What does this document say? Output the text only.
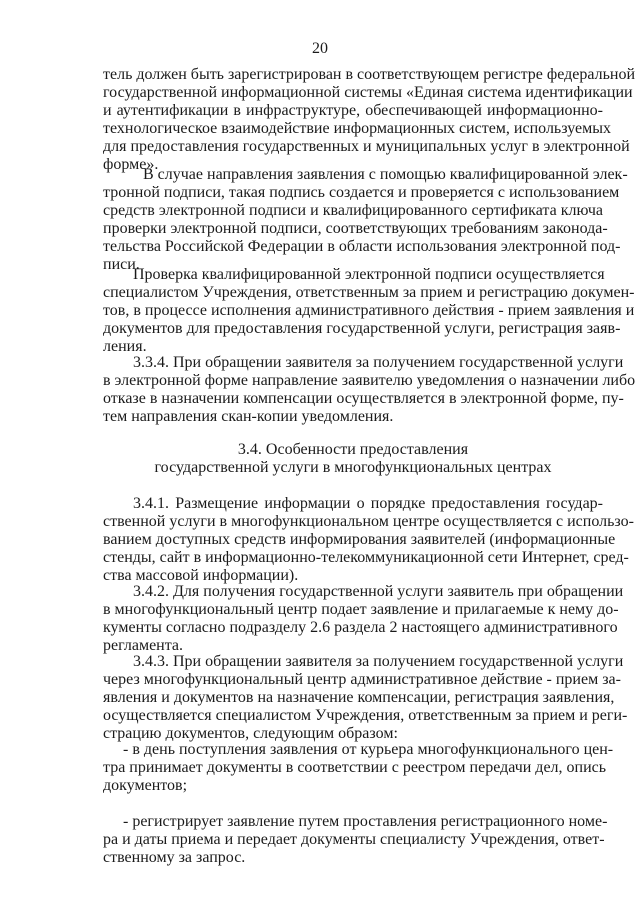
20
тель должен быть зарегистрирован в соответствующем регистре федеральной
государственной информационной системы «Единая система идентификации
и аутентификации в инфраструктуре, обеспечивающей информационно-
технологическое взаимодействие информационных систем, используемых
для предоставления государственных и муниципальных услуг в электронной
форме».
В случае направления заявления с помощью квалифицированной элек-
тронной подписи, такая подпись создается и проверяется с использованием
средств электронной подписи и квалифицированного сертификата ключа
проверки электронной подписи, соответствующих требованиям законода-
тельства Российской Федерации в области использования электронной под-
писи.
Проверка квалифицированной электронной подписи осуществляется
специалистом Учреждения, ответственным за прием и регистрацию докумен-
тов, в процессе исполнения административного действия - прием заявления и
документов для предоставления государственной услуги, регистрация заяв-
ления.
3.3.4. При обращении заявителя за получением государственной услуги
в электронной форме направление заявителю уведомления о назначении либо
отказе в назначении компенсации осуществляется в электронной форме, пу-
тем направления скан-копии уведомления.
3.4. Особенности предоставления
государственной услуги в многофункциональных центрах
3.4.1. Размещение информации о порядке предоставления государ-
ственной услуги в многофункциональном центре осуществляется с использо-
ванием доступных средств информирования заявителей (информационные
стенды, сайт в информационно-телекоммуникационной сети Интернет, сред-
ства массовой информации).
3.4.2. Для получения государственной услуги заявитель при обращении
в многофункциональный центр подает заявление и прилагаемые к нему до-
кументы согласно подразделу 2.6 раздела 2 настоящего административного
регламента.
3.4.3. При обращении заявителя за получением государственной услуги
через многофункциональный центр административное действие - прием за-
явления и документов на назначение компенсации, регистрация заявления,
осуществляется специалистом Учреждения, ответственным за прием и реги-
страцию документов, следующим образом:
- в день поступления заявления от курьера многофункционального цен-
тра принимает документы в соответствии с реестром передачи дел, опись
документов;
- регистрирует заявление путем проставления регистрационного номе-
ра и даты приема и передает документы специалисту Учреждения, ответ-
ственному за запрос.
